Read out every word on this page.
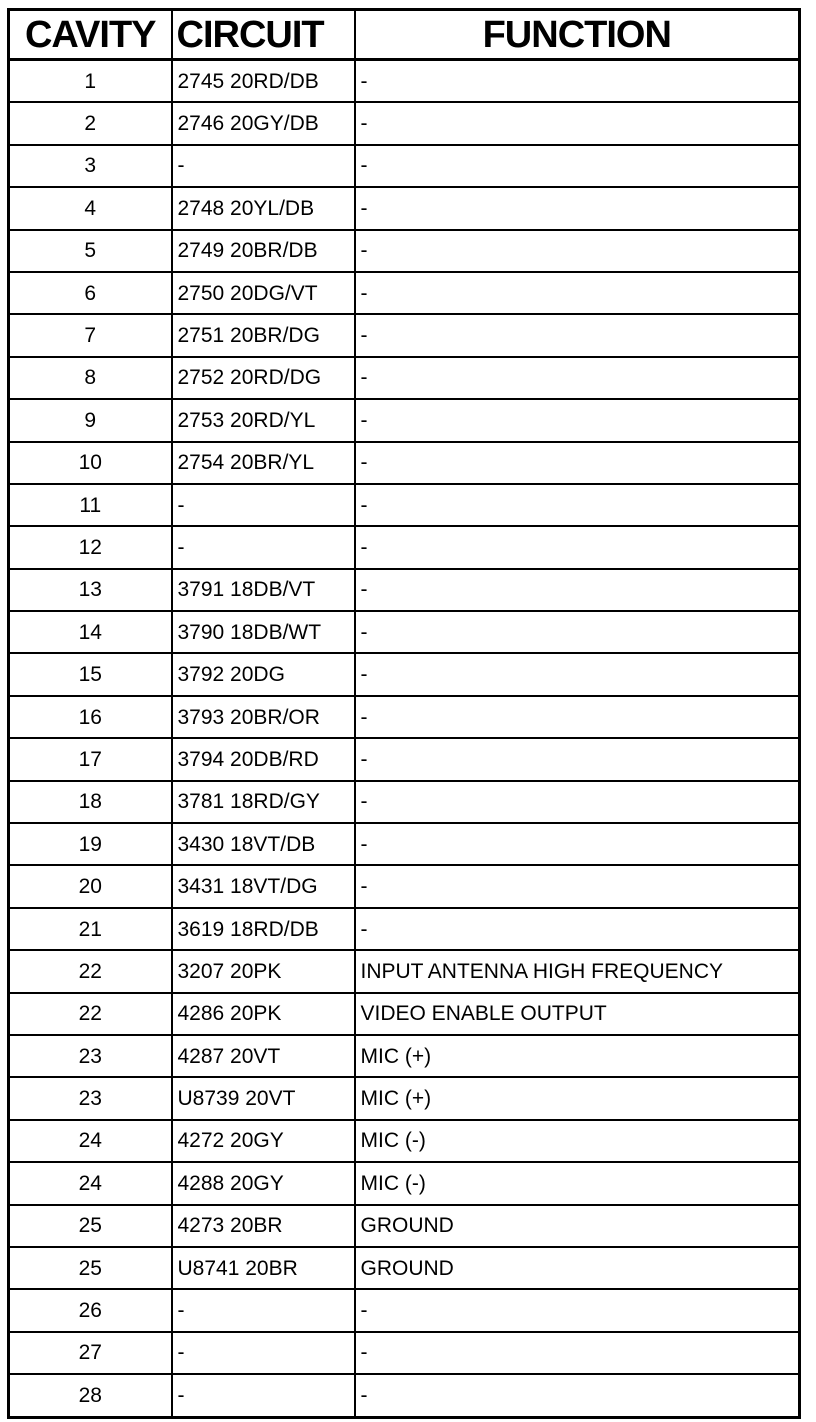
CAVITY	CIRCUIT	FUNCTION
1	2745 20RD/DB	-
2	2746 20GY/DB	-
3	-	-
4	2748 20YL/DB	-
5	2749 20BR/DB	-
6	2750 20DG/VT	-
7	2751 20BR/DG	-
8	2752 20RD/DG	-
9	2753 20RD/YL	-
10	2754 20BR/YL	-
11	-	-
12	-	-
13	3791 18DB/VT	-
14	3790 18DB/WT	-
15	3792 20DG	-
16	3793 20BR/OR	-
17	3794 20DB/RD	-
18	3781 18RD/GY	-
19	3430 18VT/DB	-
20	3431 18VT/DG	-
21	3619 18RD/DB	-
22	3207 20PK	INPUT ANTENNA HIGH FREQUENCY
22	4286 20PK	VIDEO ENABLE OUTPUT
23	4287 20VT	MIC (+)
23	U8739 20VT	MIC (+)
24	4272 20GY	MIC (-)
24	4288 20GY	MIC (-)
25	4273 20BR	GROUND
25	U8741 20BR	GROUND
26	-	-
27	-	-
28	-	-
